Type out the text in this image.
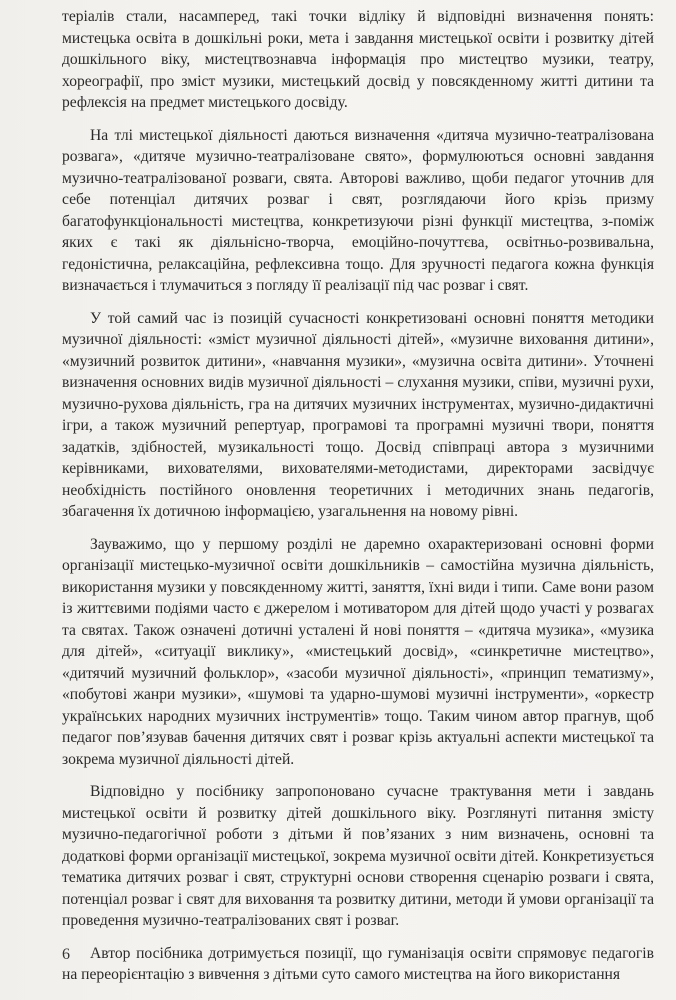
теріалів стали, насамперед, такі точки відліку й відповідні визначення понять: мистецька освіта в дошкільні роки, мета і завдання мистецької освіти і розвитку дітей дошкільного віку, мистецтвознавча інформація про мистецтво музики, театру, хореографії, про зміст музики, мистецький досвід у повсякденному житті дитини та рефлексія на предмет мистецького досвіду.

На тлі мистецької діяльності даються визначення «дитяча музично-театралізована розвага», «дитяче музично-театралізоване свято», формулюються основні завдання музично-театралізованої розваги, свята. Авторові важливо, щоби педагог уточнив для себе потенціал дитячих розваг і свят, розглядаючи його крізь призму багатофункціональності мистецтва, конкретизуючи різні функції мистецтва, з-поміж яких є такі як діяльнісно-творча, емоційно-почуттєва, освітньо-розвивальна, гедоністична, релаксаційна, рефлексивна тощо. Для зручності педагога кожна функція визначається і тлумачиться з погляду її реалізації під час розваг і свят.

У той самий час із позицій сучасності конкретизовані основні поняття методики музичної діяльності: «зміст музичної діяльності дітей», «музичне виховання дитини», «музичний розвиток дитини», «навчання музики», «музична освіта дитини». Уточнені визначення основних видів музичної діяльності – слухання музики, співи, музичні рухи, музично-рухова діяльність, гра на дитячих музичних інструментах, музично-дидактичні ігри, а також музичний репертуар, програмові та програмні музичні твори, поняття задатків, здібностей, музикальності тощо. Досвід співпраці автора з музичними керівниками, вихователями, вихователями-методистами, директорами засвідчує необхідність постійного оновлення теоретичних і методичних знань педагогів, збагачення їх дотичною інформацією, узагальнення на новому рівні.

Зауважимо, що у першому розділі не даремно охарактеризовані основні форми організації мистецько-музичної освіти дошкільників – самостійна музична діяльність, використання музики у повсякденному житті, заняття, їхні види і типи. Саме вони разом із життєвими подіями часто є джерелом і мотиватором для дітей щодо участі у розвагах та святах. Також означені дотичні усталені й нові поняття – «дитяча музика», «музика для дітей», «ситуації виклику», «мистецький досвід», «синкретичне мистецтво», «дитячий музичний фольклор», «засоби музичної діяльності», «принцип тематизму», «побутові жанри музики», «шумові та ударно-шумові музичні інструменти», «оркестр українських народних музичних інструментів» тощо. Таким чином автор прагнув, щоб педагог пов’язував бачення дитячих свят і розваг крізь актуальні аспекти мистецької та зокрема музичної діяльності дітей.

Відповідно у посібнику запропоновано сучасне трактування мети і завдань мистецької освіти й розвитку дітей дошкільного віку. Розглянуті питання змісту музично-педагогічної роботи з дітьми й пов’язаних з ним визначень, основні та додаткові форми організації мистецької, зокрема музичної освіти дітей. Конкретизується тематика дитячих розваг і свят, структурні основи створення сценарію розваги і свята, потенціал розваг і свят для виховання та розвитку дитини, методи й умови організації та проведення музично-театралізованих свят і розваг.

Автор посібника дотримується позиції, що гуманізація освіти спрямовує педагогів на переорієнтацію з вивчення з дітьми суто самого мистецтва на його використання

6
